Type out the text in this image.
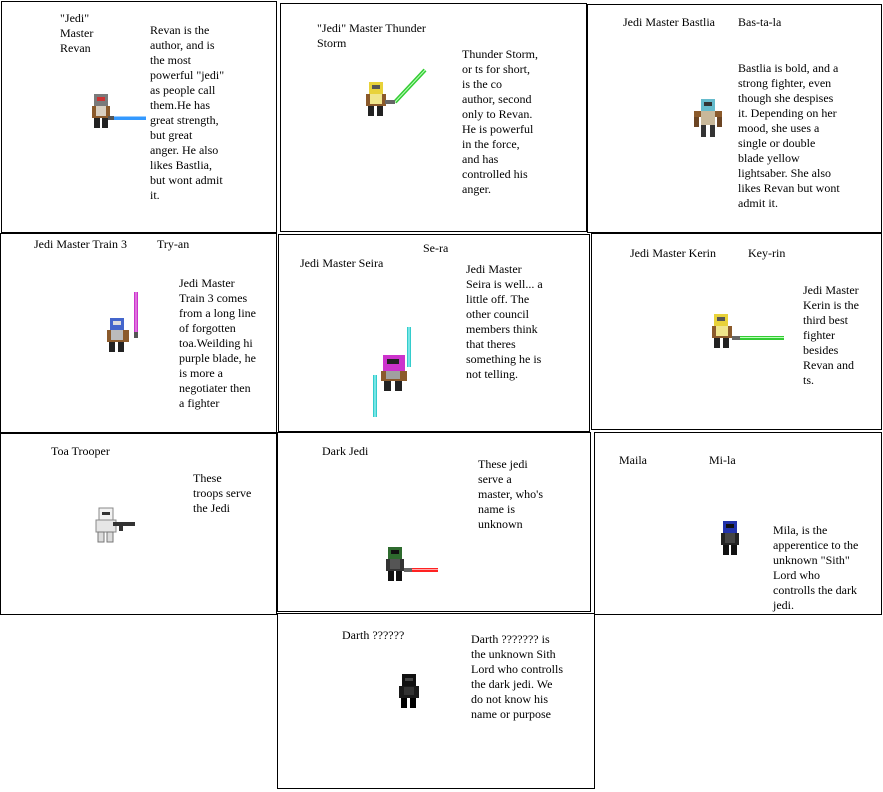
"Jedi"
Master
Revan
Revan is the
author, and is
the most
powerful "jedi"
as people call
them.He has
great strength,
but great
anger. He also
likes Bastlia,
but wont admit
it.
"Jedi" Master Thunder
Storm
Thunder Storm,
or ts for short,
is the co
author, second
only to Revan.
He is powerful
in the force,
and has
controlled his
anger.
Jedi Master Bastlia	Bas-ta-la
Bastlia is bold, and a
strong fighter, even
though she despises
it. Depending on her
mood, she uses a
single or double
blade yellow
lightsaber. She also
likes Revan but wont
admit it.
Jedi Master Train 3	Try-an
Jedi Master
Train 3 comes
from a long line
of forgotten
toa.Weilding hi
purple blade, he
is more a
negotiater then
a fighter
Se-ra
Jedi Master Seira	Jedi Master
Seira is well... a
little off. The
other council
members think
that theres
something he is
not telling.
Jedi Master Kerin	Key-rin
Jedi Master
Kerin is the
third best
fighter
besides
Revan and
ts.
Toa Trooper
These
troops serve
the Jedi
Dark Jedi
These jedi
serve a
master, who's
name is
unknown
Maila	Mi-la
Mila, is the
apperentice to the
unknown "Sith"
Lord who
controlls the dark
jedi.
Darth ??????	Darth ??????? is
the unknown Sith
Lord who controlls
the dark jedi. We
do not know his
name or purpose
